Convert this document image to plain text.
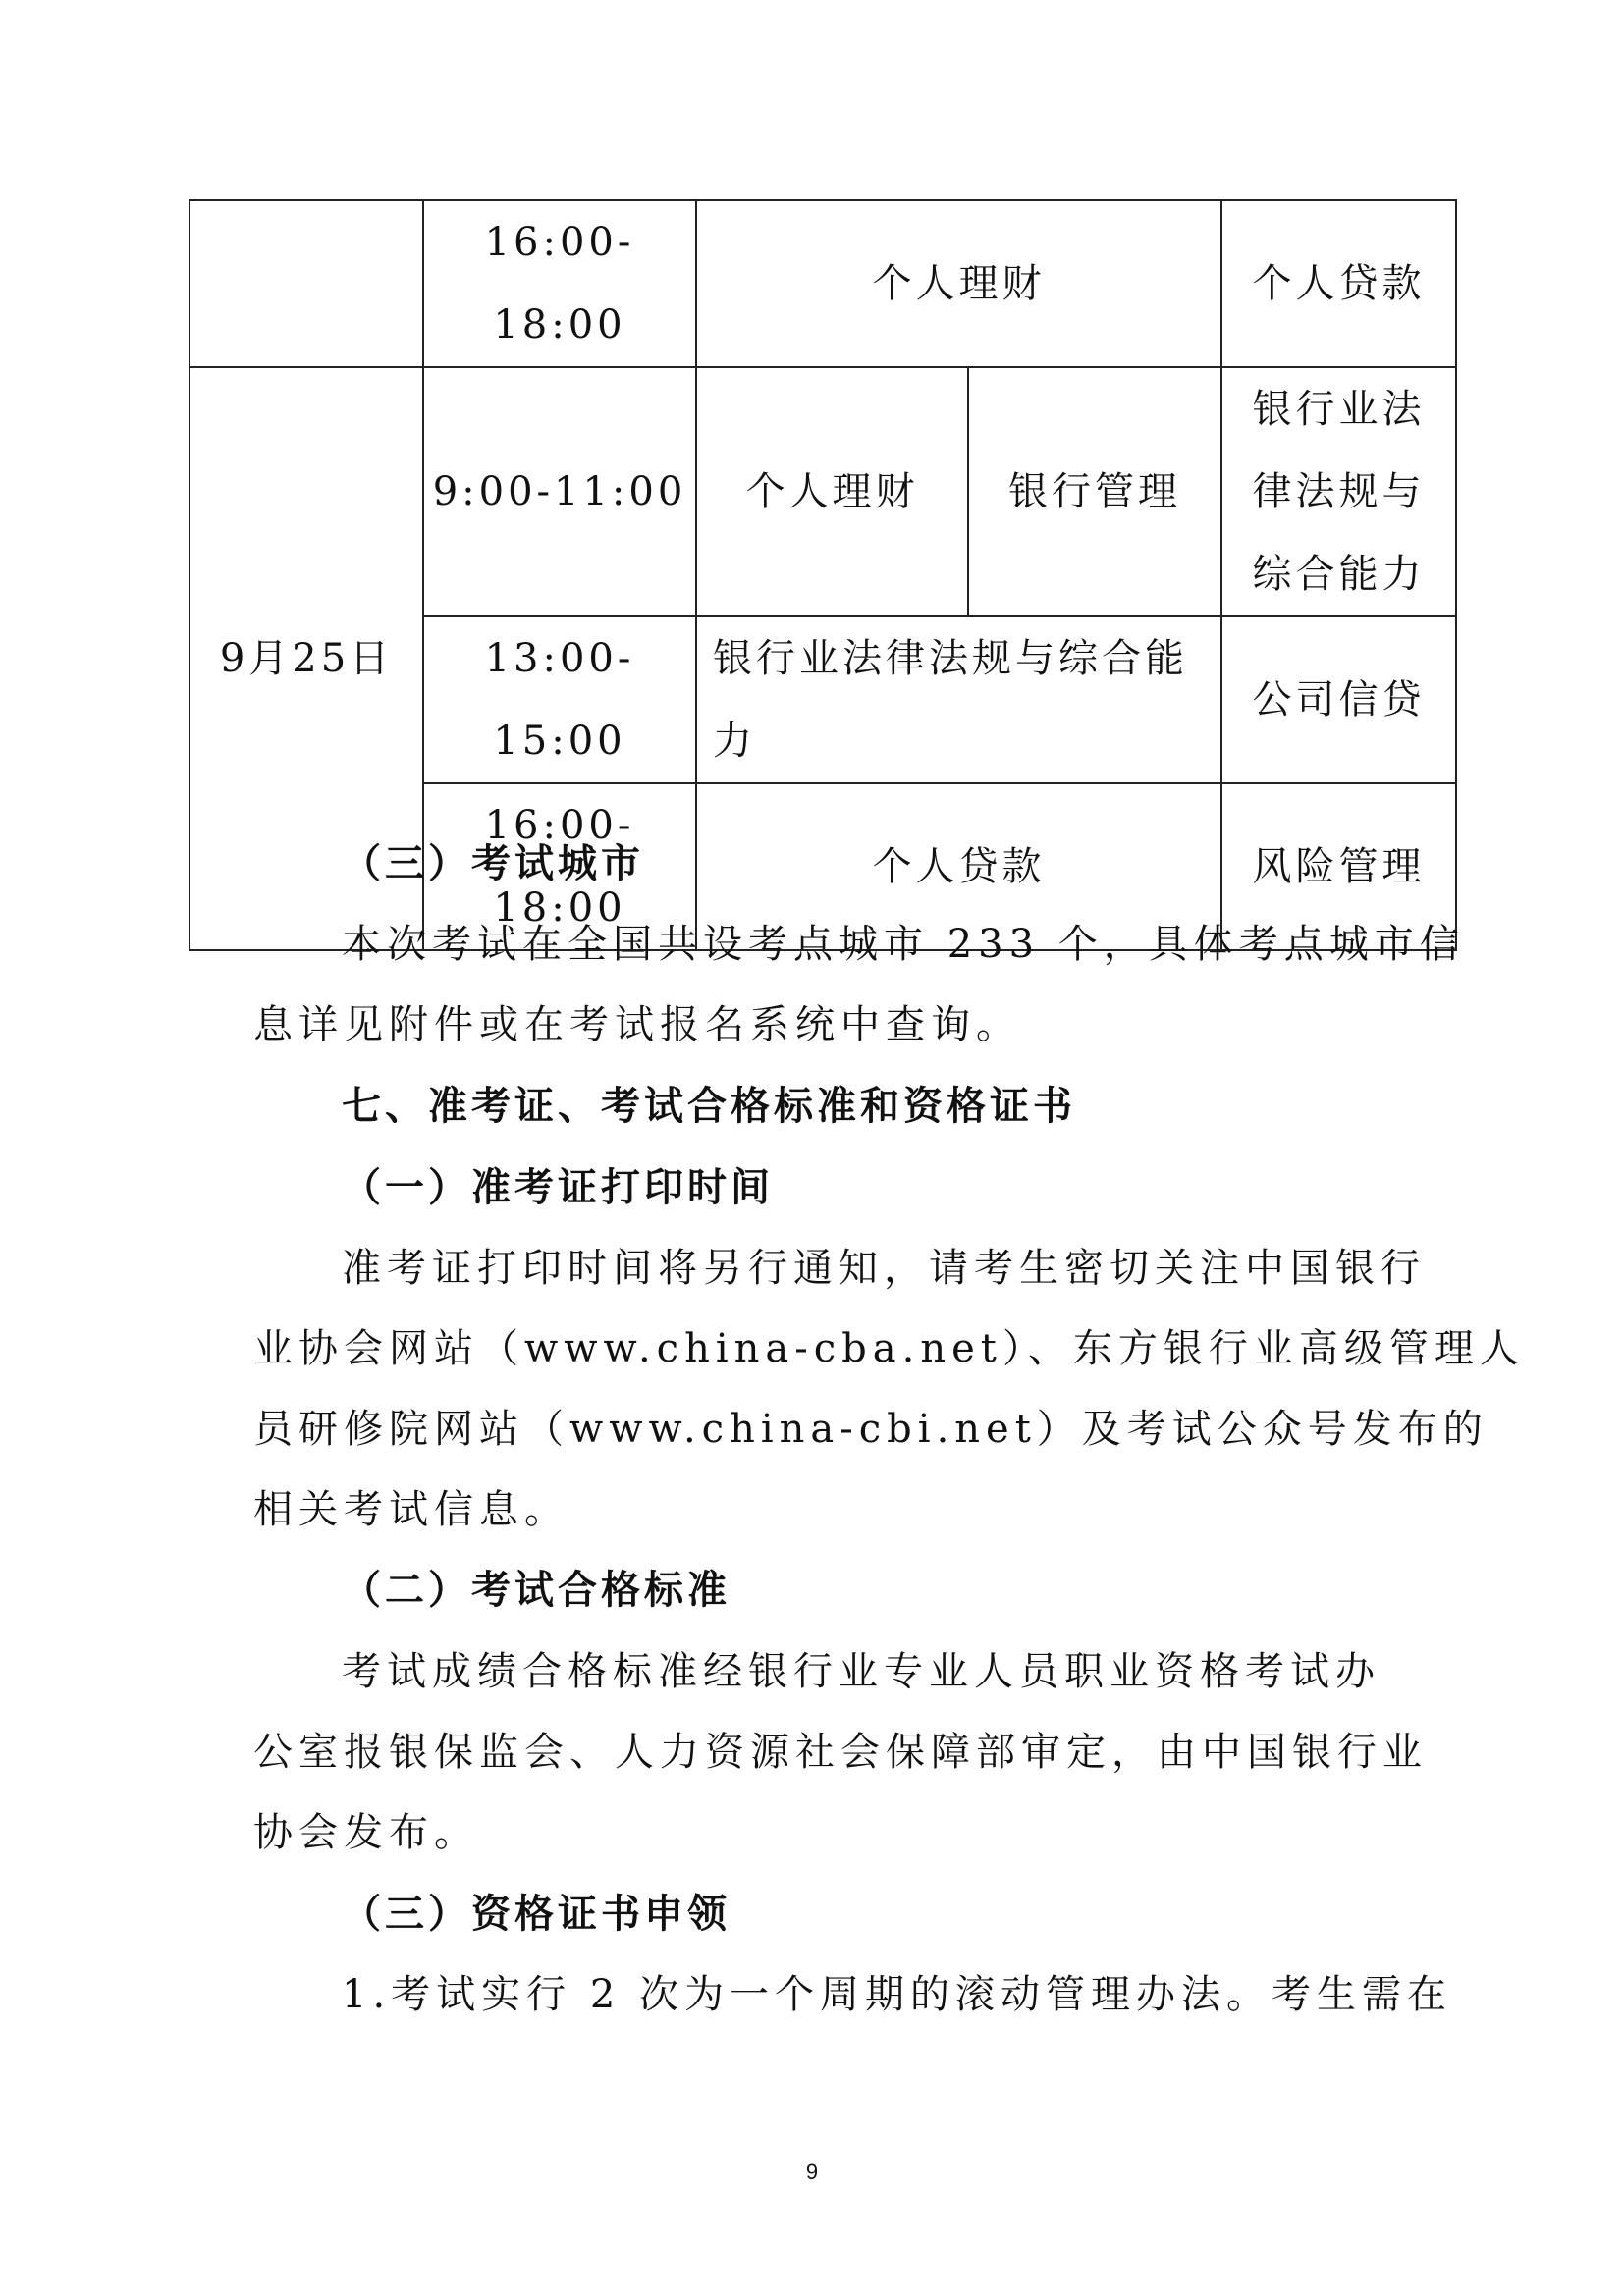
	16:00-18:00	个人理财		个人贷款
9月25日	9:00-11:00	个人理财	银行管理	银行业法律法规与综合能力
	13:00-15:00	银行业法律法规与综合能力		公司信贷
	16:00-18:00	个人贷款		风险管理
（三）考试城市
本次考试在全国共设考点城市 233 个，具体考点城市信
息详见附件或在考试报名系统中查询。
七、准考证、考试合格标准和资格证书
（一）准考证打印时间
准考证打印时间将另行通知，请考生密切关注中国银行
业协会网站（www.china-cba.net）、东方银行业高级管理人
员研修院网站（www.china-cbi.net）及考试公众号发布的
相关考试信息。
（二）考试合格标准
考试成绩合格标准经银行业专业人员职业资格考试办
公室报银保监会、人力资源社会保障部审定，由中国银行业
协会发布。
（三）资格证书申领
1.考试实行 2 次为一个周期的滚动管理办法。考生需在
9
